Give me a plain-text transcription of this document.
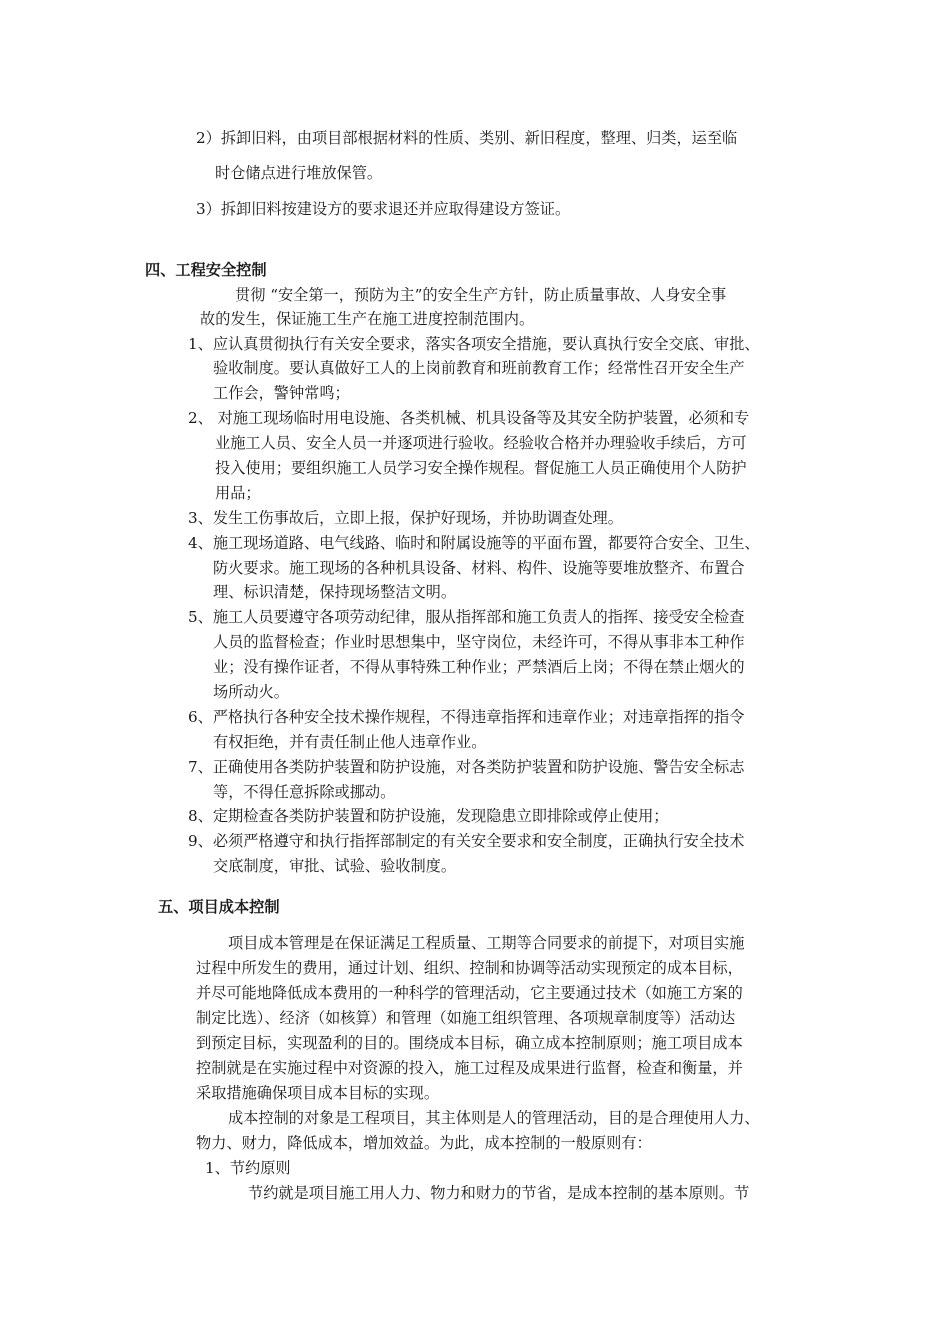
2）拆卸旧料，由项目部根据材料的性质、类别、新旧程度，整理、归类，运至临
时仓储点进行堆放保管。
3）拆卸旧料按建设方的要求退还并应取得建设方签证。
四、工程安全控制
贯彻 “安全第一，预防为主”的安全生产方针，防止质量事故、人身安全事
故的发生，保证施工生产在施工进度控制范围内。
1、应认真贯彻执行有关安全要求，落实各项安全措施，要认真执行安全交底、审批、
验收制度。要认真做好工人的上岗前教育和班前教育工作；经常性召开安全生产
工作会，警钟常鸣；
2、 对施工现场临时用电设施、各类机械、机具设备等及其安全防护装置，必须和专
业施工人员、安全人员一并逐项进行验收。经验收合格并办理验收手续后，方可
投入使用；要组织施工人员学习安全操作规程。督促施工人员正确使用个人防护
用品；
3、发生工伤事故后，立即上报，保护好现场，并协助调查处理。
4、施工现场道路、电气线路、临时和附属设施等的平面布置，都要符合安全、卫生、
防火要求。施工现场的各种机具设备、材料、构件、设施等要堆放整齐、布置合
理、标识清楚，保持现场整洁文明。
5、施工人员要遵守各项劳动纪律，服从指挥部和施工负责人的指挥、接受安全检查
人员的监督检查；作业时思想集中，坚守岗位，未经许可，不得从事非本工种作
业；没有操作证者，不得从事特殊工种作业；严禁酒后上岗；不得在禁止烟火的
场所动火。
6、严格执行各种安全技术操作规程，不得违章指挥和违章作业；对违章指挥的指令
有权拒绝，并有责任制止他人违章作业。
7、正确使用各类防护装置和防护设施，对各类防护装置和防护设施、警告安全标志
等，不得任意拆除或挪动。
8、定期检查各类防护装置和防护设施，发现隐患立即排除或停止使用；
9、必须严格遵守和执行指挥部制定的有关安全要求和安全制度，正确执行安全技术
交底制度，审批、试验、验收制度。
五、项目成本控制
项目成本管理是在保证满足工程质量、工期等合同要求的前提下，对项目实施
过程中所发生的费用，通过计划、组织、控制和协调等活动实现预定的成本目标，
并尽可能地降低成本费用的一种科学的管理活动，它主要通过技术（如施工方案的
制定比选）、经济（如核算）和管理（如施工组织管理、各项规章制度等）活动达
到预定目标，实现盈利的目的。围绕成本目标，确立成本控制原则；施工项目成本
控制就是在实施过程中对资源的投入，施工过程及成果进行监督，检查和衡量，并
采取措施确保项目成本目标的实现。
成本控制的对象是工程项目，其主体则是人的管理活动，目的是合理使用人力、
物力、财力，降低成本，增加效益。为此，成本控制的一般原则有：
1、节约原则
节约就是项目施工用人力、物力和财力的节省，是成本控制的基本原则。节
